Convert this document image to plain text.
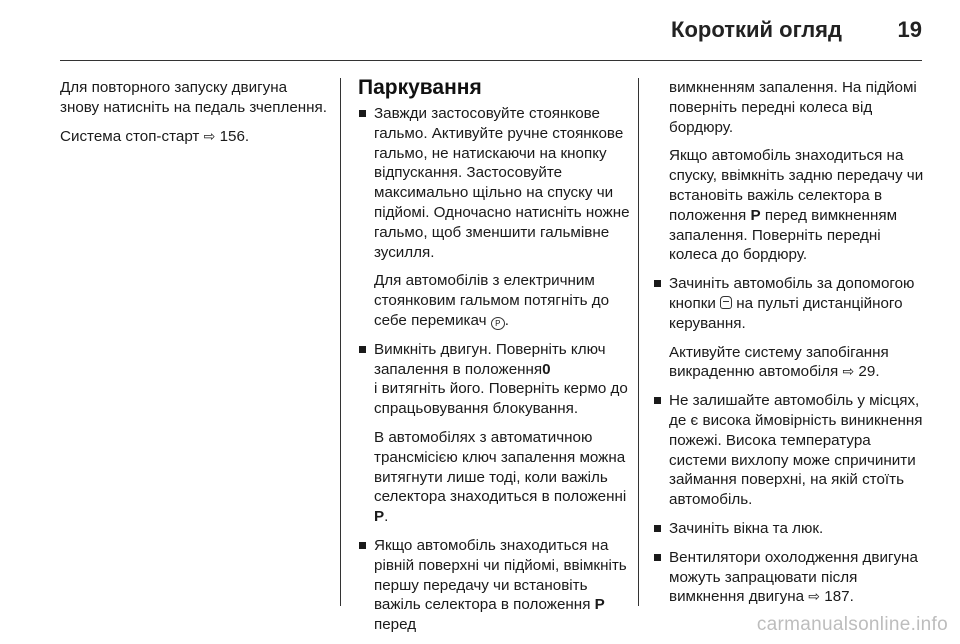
Короткий огляд	19

Для повторного запуску двигуна знову натисніть на педаль зчеплення.

Система стоп-старт ⇨ 156.

Паркування
Завжди застосовуйте стоянкове гальмо. Активуйте ручне стоянкове гальмо, не натискаючи на кнопку відпускання. Застосовуйте максимально щільно на спуску чи підйомі. Одночасно натисніть ножне гальмо, щоб зменшити гальмівне зусилля.
Для автомобілів з електричним стоянковим гальмом потягніть до себе перемикач P .
Вимкніть двигун. Поверніть ключ запалення в положення0
і витягніть його. Поверніть кермо до спрацьовування блокування.
В автомобілях з автоматичною трансмісією ключ запалення можна витягнути лише тоді, коли важіль селектора знаходиться в положенні P.
Якщо автомобіль знаходиться на рівній поверхні чи підйомі, ввімкніть першу передачу чи встановіть важіль селектора в положення P перед
вимкненням запалення. На підйомі поверніть передні колеса від бордюру.
Якщо автомобіль знаходиться на спуску, ввімкніть задню передачу чи встановіть важіль селектора в положення P перед вимкненням запалення. Поверніть передні колеса до бордюру.
Зачиніть автомобіль за допомогою кнопки  на пульті дистанційного керування.
Активуйте систему запобігання викраденню автомобіля ⇨ 29.
Не залишайте автомобіль у місцях, де є висока ймовірність виникнення пожежі. Висока температура системи вихлопу може спричинити займання поверхні, на якій стоїть автомобіль.
Зачиніть вікна та люк.
Вентилятори охолодження двигуна можуть запрацювати після вимкнення двигуна ⇨ 187.
carmanualsonline.info
